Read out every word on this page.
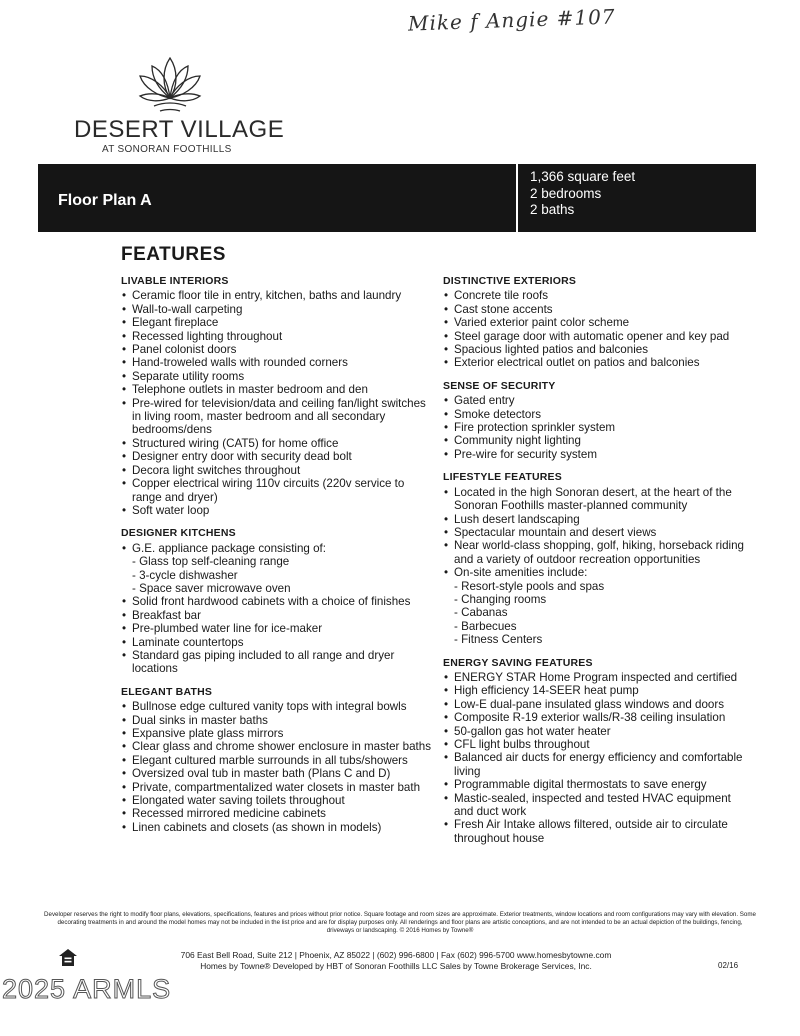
Mike f Angie #107
DESERT VILLAGE
AT SONORAN FOOTHILLS
Floor Plan A
1,366 square feet
2 bedrooms
2 baths
FEATURES
LIVABLE INTERIORS
• Ceramic floor tile in entry, kitchen, baths and laundry
• Wall-to-wall carpeting
• Elegant fireplace
• Recessed lighting throughout
• Panel colonist doors
• Hand-troweled walls with rounded corners
• Separate utility rooms
• Telephone outlets in master bedroom and den
• Pre-wired for television/data and ceiling fan/light switches in living room, master bedroom and all secondary bedrooms/dens
• Structured wiring (CAT5) for home office
• Designer entry door with security dead bolt
• Decora light switches throughout
• Copper electrical wiring 110v circuits (220v service to range and dryer)
• Soft water loop
DESIGNER KITCHENS
• G.E. appliance package consisting of:
- Glass top self-cleaning range
- 3-cycle dishwasher
- Space saver microwave oven
• Solid front hardwood cabinets with a choice of finishes
• Breakfast bar
• Pre-plumbed water line for ice-maker
• Laminate countertops
• Standard gas piping included to all range and dryer locations
ELEGANT BATHS
• Bullnose edge cultured vanity tops with integral bowls
• Dual sinks in master baths
• Expansive plate glass mirrors
• Clear glass and chrome shower enclosure in master baths
• Elegant cultured marble surrounds in all tubs/showers
• Oversized oval tub in master bath (Plans C and D)
• Private, compartmentalized water closets in master bath
• Elongated water saving toilets throughout
• Recessed mirrored medicine cabinets
• Linen cabinets and closets (as shown in models)
DISTINCTIVE EXTERIORS
• Concrete tile roofs
• Cast stone accents
• Varied exterior paint color scheme
• Steel garage door with automatic opener and key pad
• Spacious lighted patios and balconies
• Exterior electrical outlet on patios and balconies
SENSE OF SECURITY
• Gated entry
• Smoke detectors
• Fire protection sprinkler system
• Community night lighting
• Pre-wire for security system
LIFESTYLE FEATURES
• Located in the high Sonoran desert, at the heart of the Sonoran Foothills master-planned community
• Lush desert landscaping
• Spectacular mountain and desert views
• Near world-class shopping, golf, hiking, horseback riding and a variety of outdoor recreation opportunities
• On-site amenities include:
- Resort-style pools and spas
- Changing rooms
- Cabanas
- Barbecues
- Fitness Centers
ENERGY SAVING FEATURES
• ENERGY STAR Home Program inspected and certified
• High efficiency 14-SEER heat pump
• Low-E dual-pane insulated glass windows and doors
• Composite R-19 exterior walls/R-38 ceiling insulation
• 50-gallon gas hot water heater
• CFL light bulbs throughout
• Balanced air ducts for energy efficiency and comfortable living
• Programmable digital thermostats to save energy
• Mastic-sealed, inspected and tested HVAC equipment and duct work
• Fresh Air Intake allows filtered, outside air to circulate throughout house
Developer reserves the right to modify floor plans, elevations, specifications, features and prices without prior notice. Square footage and room sizes are approximate. Exterior treatments, window locations and room configurations may vary with elevation. Some decorating treatments in and around the model homes may not be included in the list price and are for display purposes only. All renderings and floor plans are artistic conceptions, and are not intended to be an actual depiction of the buildings, fencing, driveways or landscaping. © 2016 Homes by Towne®
706 East Bell Road, Suite 212 | Phoenix, AZ 85022 | (602) 996-6800 | Fax (602) 996-5700 www.homesbytowne.com
Homes by Towne® Developed by HBT of Sonoran Foothills LLC Sales by Towne Brokerage Services, Inc.	02/16
2025 ARMLS
